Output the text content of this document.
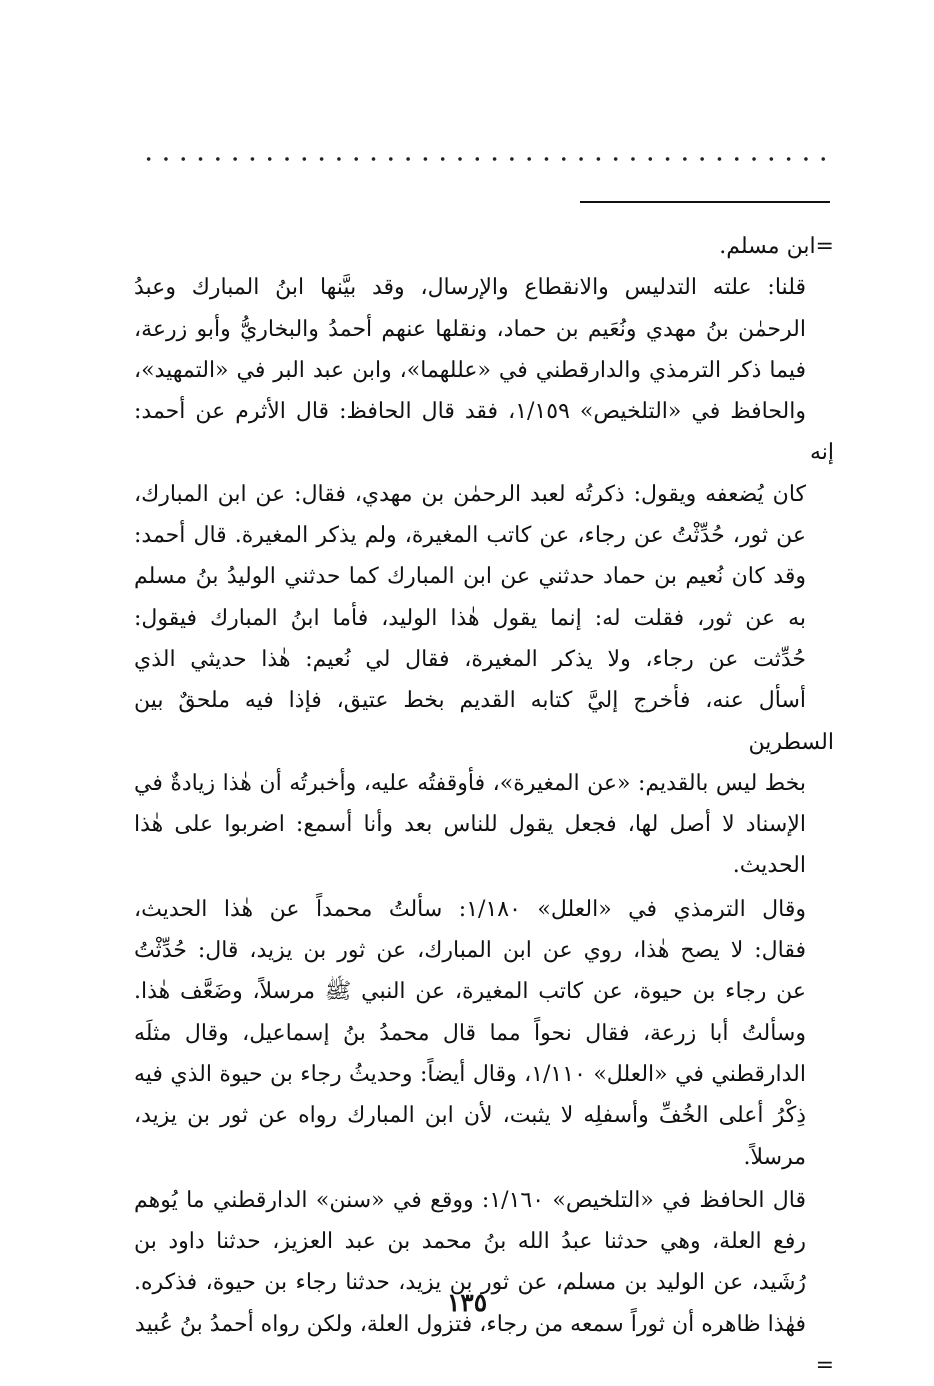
=ابن مسلم.

قلنا: علته التدليس والانقطاع والإرسال، وقد بيَّنها ابنُ المبارك وعبدُ
الرحمٰن بنُ مهدي ونُعَيم بن حماد، ونقلها عنهم أحمدُ والبخاريُّ وأبو زرعة،
فيما ذكر الترمذي والدارقطني في «عللهما»، وابن عبد البر في «التمهيد»،
والحافظ في «التلخيص» ١/١٥٩، فقد قال الحافظ: قال الأثرم عن أحمد: إنه
كان يُضعفه ويقول: ذكرتُه لعبد الرحمٰن بن مهدي، فقال: عن ابن المبارك،
عن ثور، حُدِّثْتُ عن رجاء، عن كاتب المغيرة، ولم يذكر المغيرة. قال أحمد:
وقد كان نُعيم بن حماد حدثني عن ابن المبارك كما حدثني الوليدُ بنُ مسلم
به عن ثور، فقلت له: إنما يقول هٰذا الوليد، فأما ابنُ المبارك فيقول:
حُدِّثت عن رجاء، ولا يذكر المغيرة، فقال لي نُعيم: هٰذا حديثي الذي
أسأل عنه، فأخرج إليَّ كتابه القديم بخط عتيق، فإذا فيه ملحقٌ بين السطرين
بخط ليس بالقديم: «عن المغيرة»، فأوقفتُه عليه، وأخبرتُه أن هٰذا زيادةٌ في
الإسناد لا أصل لها، فجعل يقول للناس بعد وأنا أسمع: اضربوا على هٰذا
الحديث.

وقال الترمذي في «العلل» ١/١٨٠: سألتُ محمداً عن هٰذا الحديث،
فقال: لا يصح هٰذا، روي عن ابن المبارك، عن ثور بن يزيد، قال: حُدِّثْتُ
عن رجاء بن حيوة، عن كاتب المغيرة، عن النبي ﷺ مرسلاً، وضَعَّف هٰذا.
وسألتُ أبا زرعة، فقال نحواً مما قال محمدُ بنُ إسماعيل، وقال مثلَه
الدارقطني في «العلل» ١/١١٠، وقال أيضاً: وحديثُ رجاء بن حيوة الذي فيه
ذِكْرُ أعلى الخُفِّ وأسفلِه لا يثبت، لأن ابن المبارك رواه عن ثور بن يزيد،
مرسلاً.

قال الحافظ في «التلخيص» ١/١٦٠: ووقع في «سنن» الدارقطني ما يُوهم
رفع العلة، وهي حدثنا عبدُ الله بنُ محمد بن عبد العزيز، حدثنا داود بن
رُشَيد، عن الوليد بن مسلم، عن ثور بن يزيد، حدثنا رجاء بن حيوة، فذكره.
فهٰذا ظاهره أن ثوراً سمعه من رجاء، فتزول العلة، ولكن رواه أحمدُ بنُ عُبيد =

١٣٥
